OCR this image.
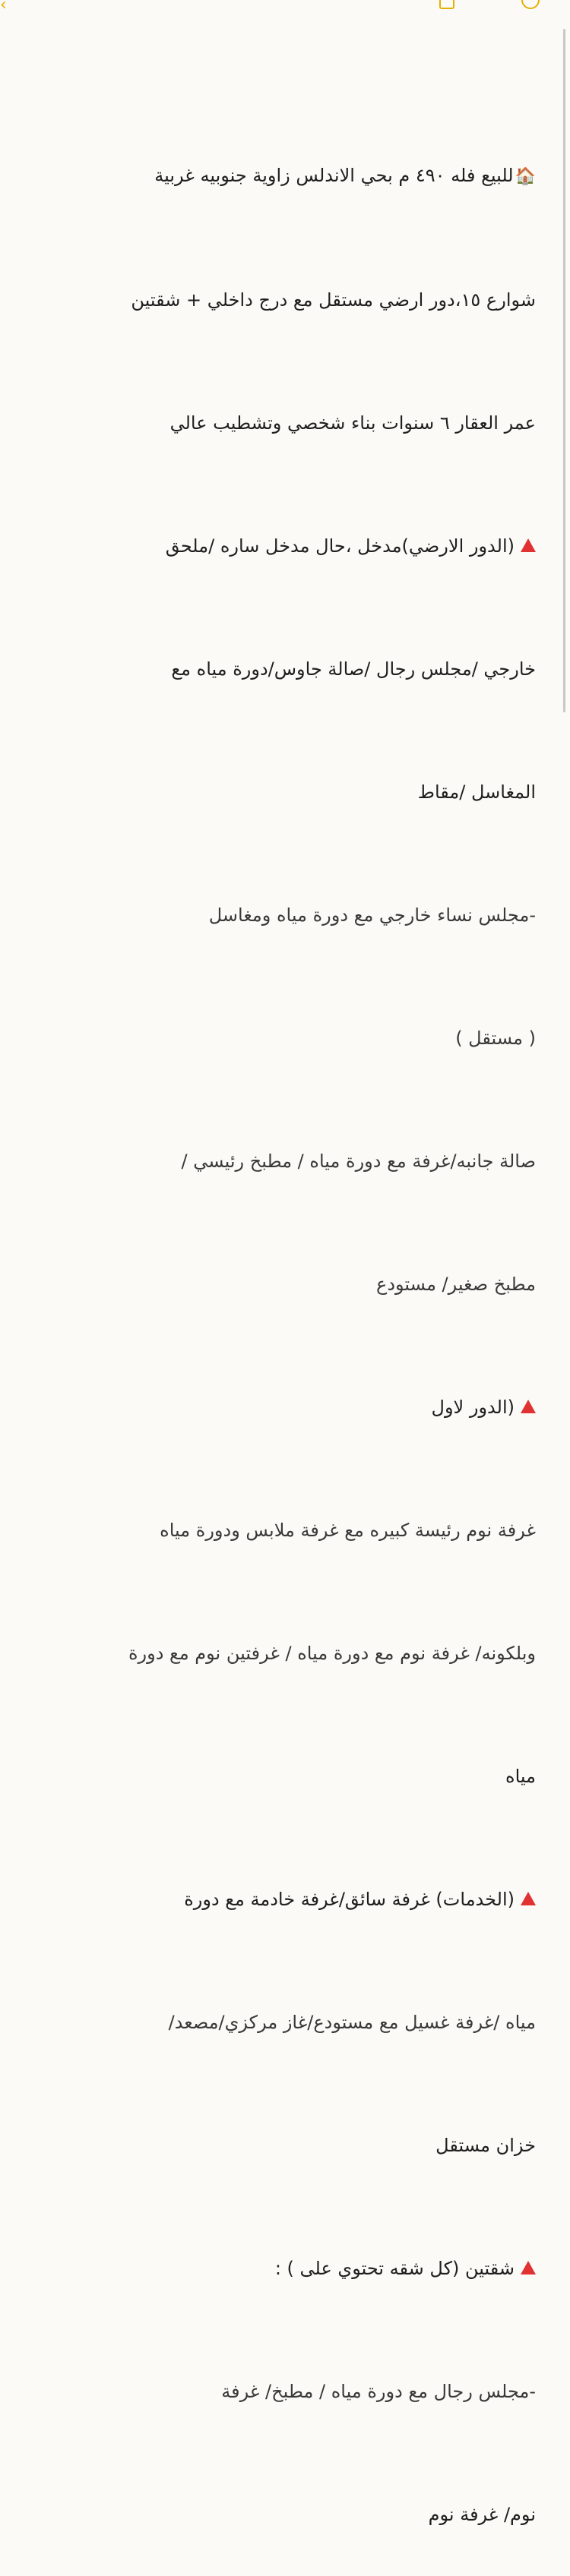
‹

🏠للبيع فله ٤٩٠ م بحي الاندلس زاوية جنوبيه غربية

شوارع ١٥،دور ارضي مستقل مع درج داخلي + شقتين

عمر العقار ٦ سنوات بناء شخصي وتشطيب عالي

(الدور الارضي)مدخل ،حال مدخل ساره /ملحق

خارجي /مجلس رجال /صالة جاوس/دورة مياه مع

المغاسل /مقاط

-مجلس نساء خارجي مع دورة مياه ومغاسل

( مستقل )

صالة جانبه/غرفة مع دورة مياه / مطبخ رئيسي /

مطبخ صغير/ مستودع

(الدور لاول

غرفة نوم رئيسة كبيره مع غرفة ملابس ودورة مياه

وبلكونه/ غرفة نوم مع دورة مياه / غرفتين نوم مع دورة

مياه

(الخدمات) غرفة سائق/غرفة خادمة مع دورة

مياه /غرفة غسيل مع مستودع/غاز مركزي/مصعد/

خزان مستقل

شقتين (كل شقه تحتوي على ) :

-مجلس رجال مع دورة مياه / مطبخ/ غرفة

نوم/ غرفة نوم
